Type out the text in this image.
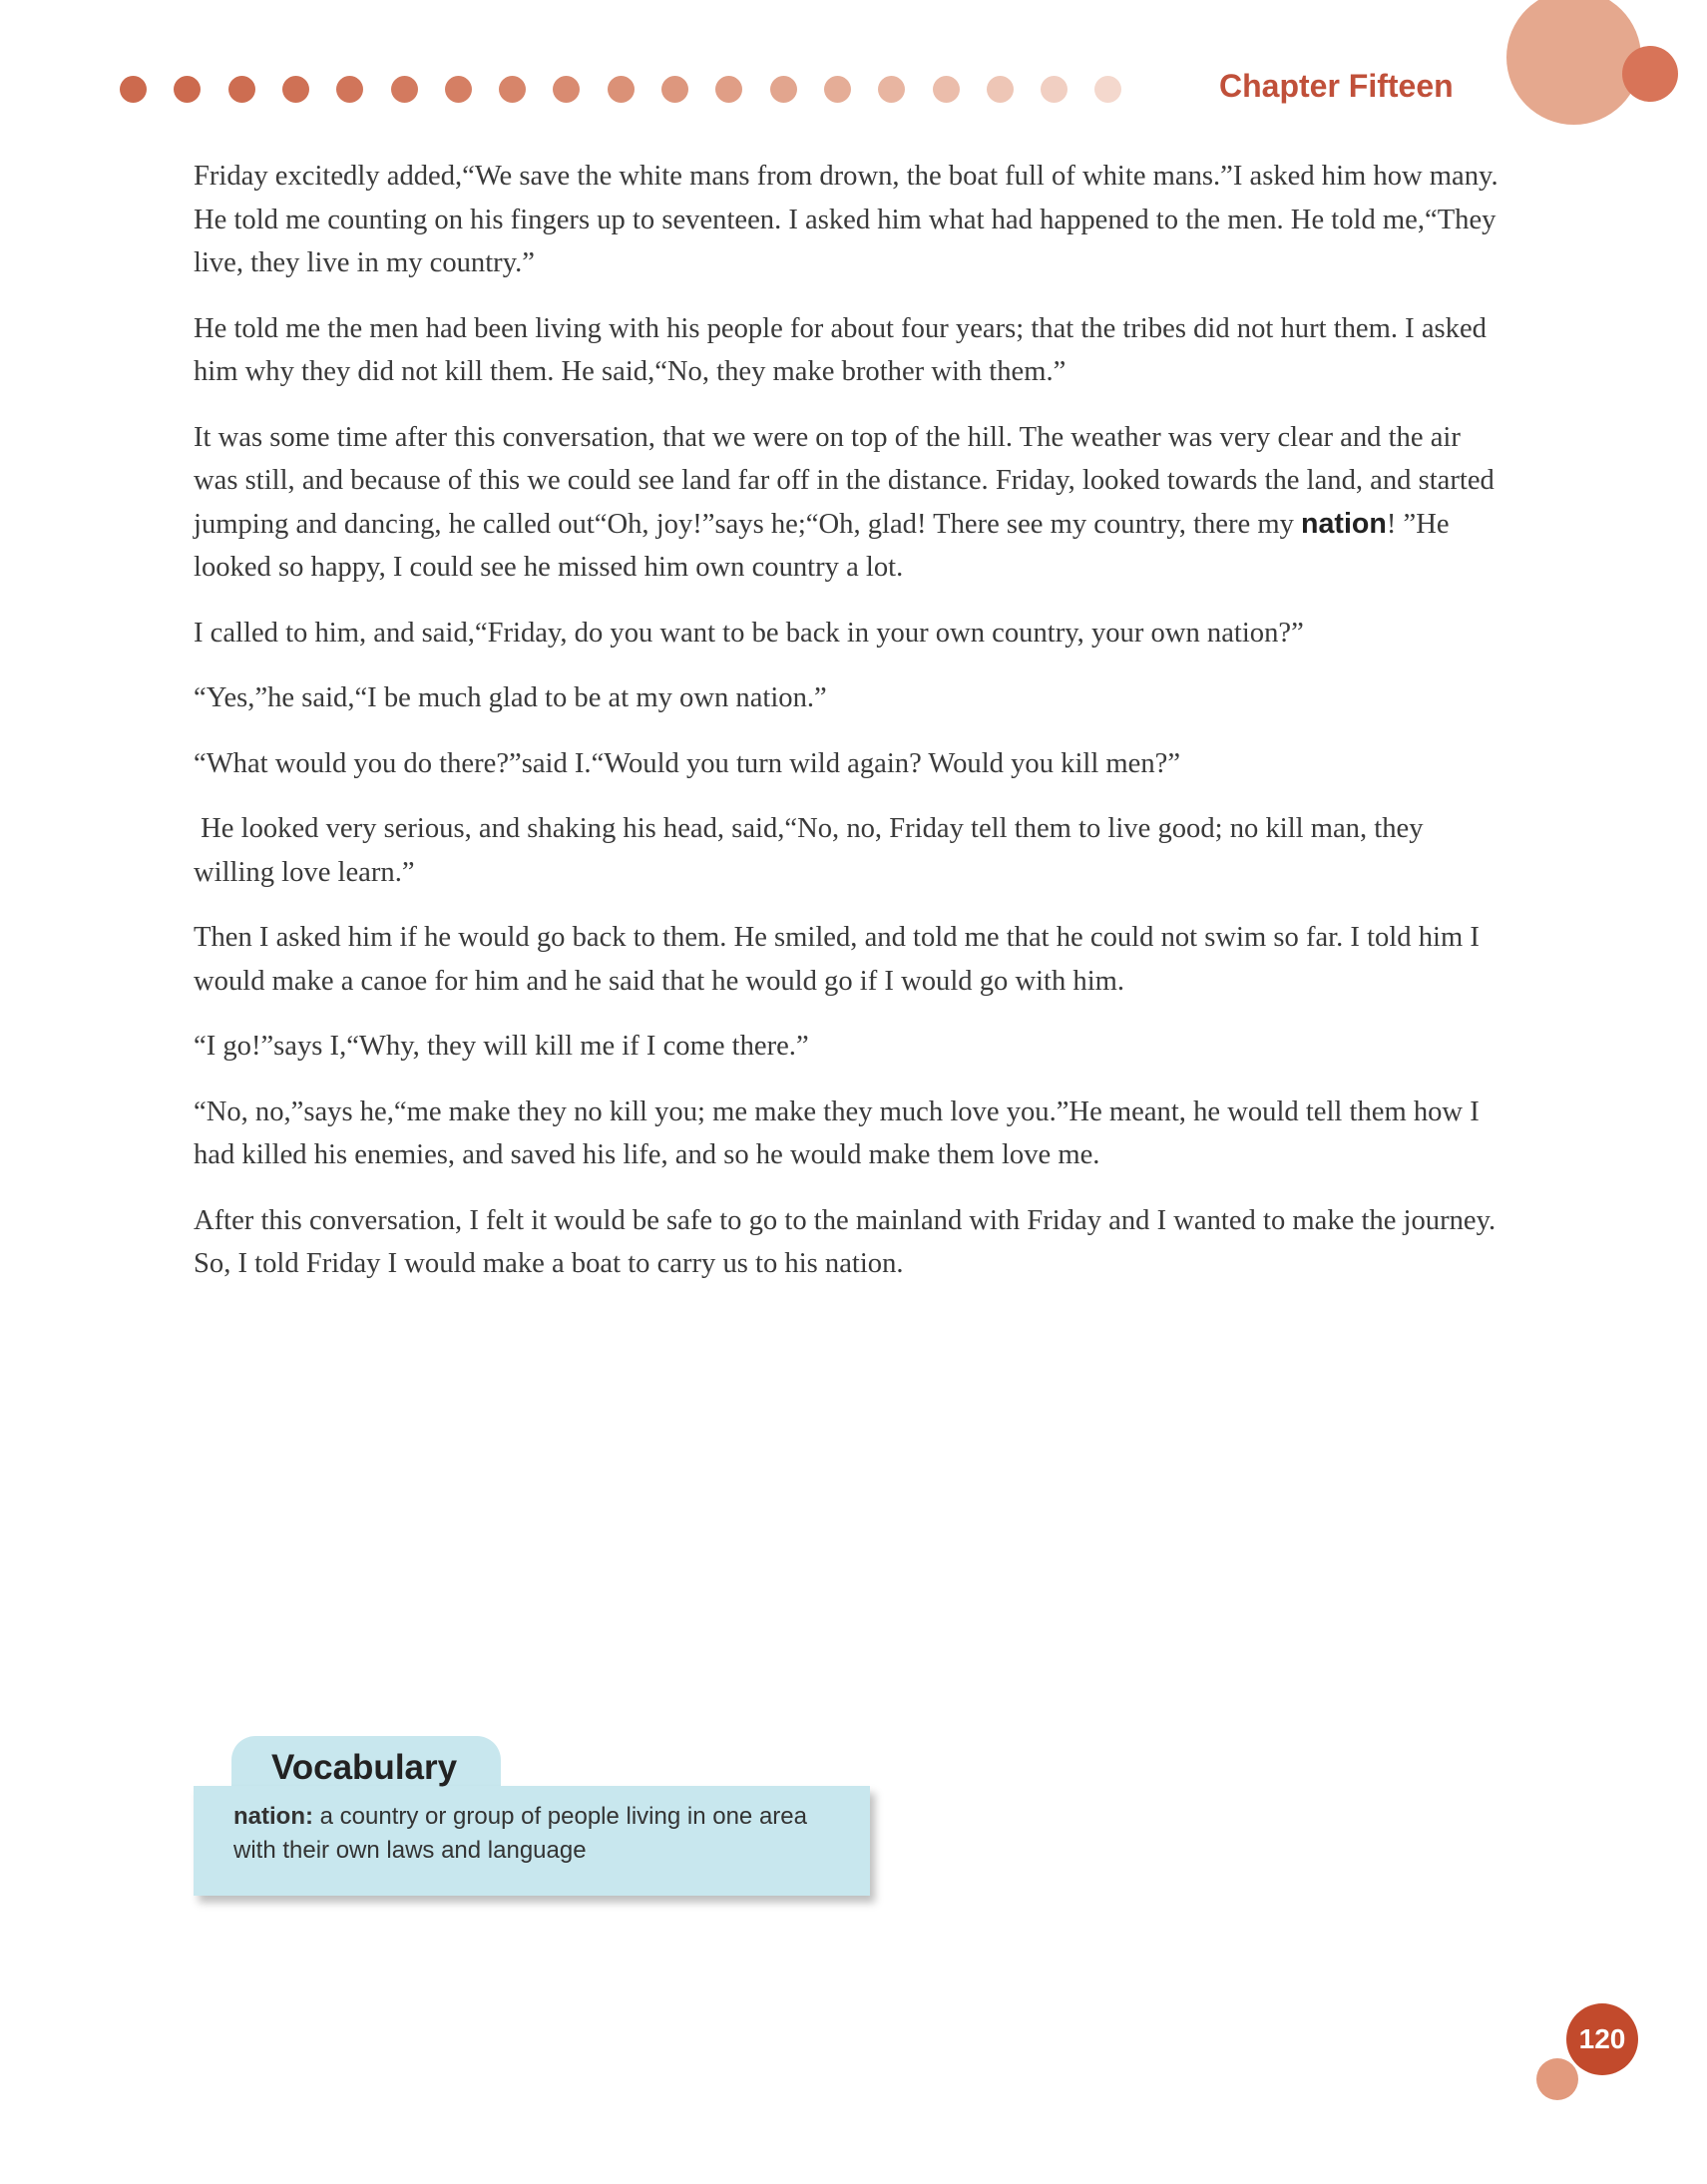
Chapter Fifteen

Friday excitedly added,“We save the white mans from drown, the boat full of white mans.”I asked him how many. He told me counting on his fingers up to seventeen. I asked him what had happened to the men. He told me,“They live, they live in my country.”

He told me the men had been living with his people for about four years; that the tribes did not hurt them. I asked him why they did not kill them. He said,“No, they make brother with them.”

It was some time after this conversation, that we were on top of the hill. The weather was very clear and the air was still, and because of this we could see land far off in the distance. Friday, looked towards the land, and started jumping and dancing, he called out“Oh, joy!”says he;“Oh, glad! There see my country, there my nation! ”He looked so happy, I could see he missed him own country a lot.

I called to him, and said,“Friday, do you want to be back in your own country, your own nation?”

“Yes,”he said,“I be much glad to be at my own nation.”

“What would you do there?”said I.“Would you turn wild again? Would you kill men?”

He looked very serious, and shaking his head, said,“No, no, Friday tell them to live good; no kill man, they willing love learn.”

Then I asked him if he would go back to them. He smiled, and told me that he could not swim so far. I told him I would make a canoe for him and he said that he would go if I would go with him.

“I go!”says I,“Why, they will kill me if I come there.”

“No, no,”says he,“me make they no kill you; me make they much love you.”He meant, he would tell them how I had killed his enemies, and saved his life, and so he would make them love me.

After this conversation, I felt it would be safe to go to the mainland with Friday and I wanted to make the journey. So, I told Friday I would make a boat to carry us to his nation.

Vocabulary
nation: a country or group of people living in one area with their own laws and language
120
